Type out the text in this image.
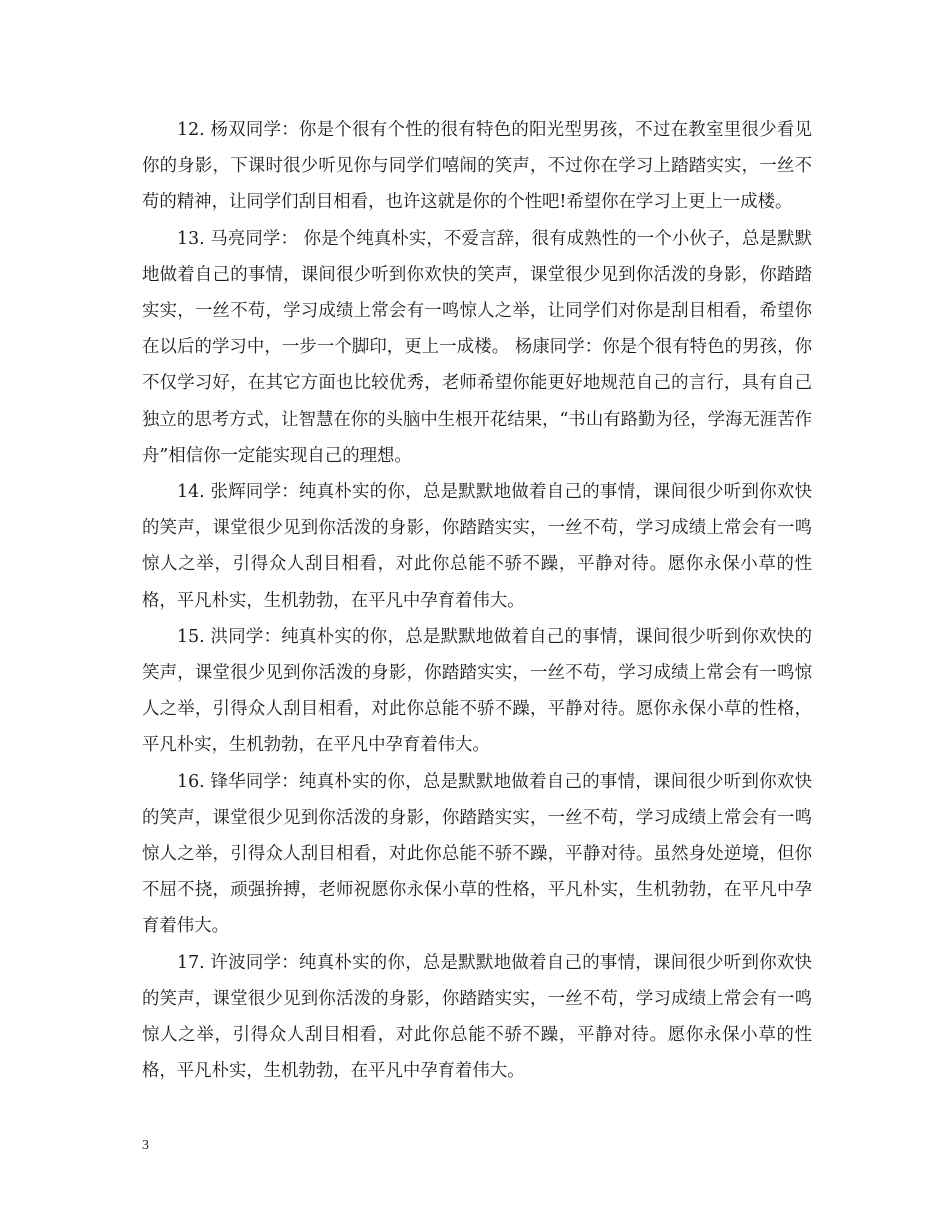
12. 杨双同学：你是个很有个性的很有特色的阳光型男孩，不过在教室里很少看见你的身影，下课时很少听见你与同学们嘻闹的笑声，不过你在学习上踏踏实实，一丝不苟的精神，让同学们刮目相看，也许这就是你的个性吧!希望你在学习上更上一成楼。

13. 马亮同学： 你是个纯真朴实，不爱言辞，很有成熟性的一个小伙子，总是默默地做着自己的事情，课间很少听到你欢快的笑声，课堂很少见到你活泼的身影，你踏踏实实，一丝不苟，学习成绩上常会有一鸣惊人之举，让同学们对你是刮目相看，希望你在以后的学习中，一步一个脚印，更上一成楼。 杨康同学：你是个很有特色的男孩，你不仅学习好，在其它方面也比较优秀，老师希望你能更好地规范自己的言行，具有自己独立的思考方式，让智慧在你的头脑中生根开花结果，“书山有路勤为径，学海无涯苦作舟”相信你一定能实现自己的理想。

14. 张辉同学：纯真朴实的你，总是默默地做着自己的事情，课间很少听到你欢快的笑声，课堂很少见到你活泼的身影，你踏踏实实，一丝不苟，学习成绩上常会有一鸣惊人之举，引得众人刮目相看，对此你总能不骄不躁，平静对待。愿你永保小草的性格，平凡朴实，生机勃勃，在平凡中孕育着伟大。

15. 洪同学：纯真朴实的你，总是默默地做着自己的事情，课间很少听到你欢快的笑声，课堂很少见到你活泼的身影，你踏踏实实，一丝不苟，学习成绩上常会有一鸣惊人之举，引得众人刮目相看，对此你总能不骄不躁，平静对待。愿你永保小草的性格，平凡朴实，生机勃勃，在平凡中孕育着伟大。

16. 锋华同学：纯真朴实的你，总是默默地做着自己的事情，课间很少听到你欢快的笑声，课堂很少见到你活泼的身影，你踏踏实实，一丝不苟，学习成绩上常会有一鸣惊人之举，引得众人刮目相看，对此你总能不骄不躁，平静对待。虽然身处逆境，但你不屈不挠，顽强拚搏，老师祝愿你永保小草的性格，平凡朴实，生机勃勃，在平凡中孕育着伟大。

17. 许波同学：纯真朴实的你，总是默默地做着自己的事情，课间很少听到你欢快的笑声，课堂很少见到你活泼的身影，你踏踏实实，一丝不苟，学习成绩上常会有一鸣惊人之举，引得众人刮目相看，对此你总能不骄不躁，平静对待。愿你永保小草的性格，平凡朴实，生机勃勃，在平凡中孕育着伟大。

3
